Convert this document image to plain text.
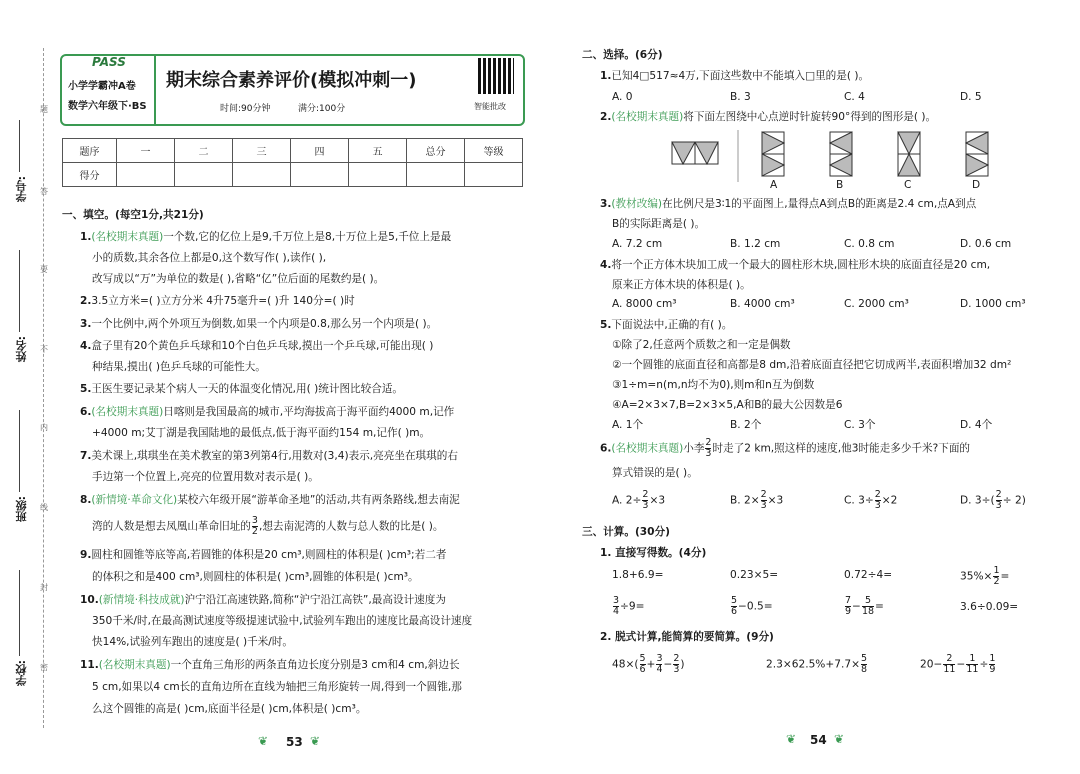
学号:
姓名:
班级:
学校:
题
答
要
不
内
线
封
密
PASS
小学学霸冲A卷
数学六年级下·BS
期末综合素养评价(模拟冲刺一)
时间:90分钟	满分:100分	智能批改
题序	一	二	三	四	五	总分	等级
得分							
一、填空。(每空1分,共21分)
1.(名校期末真题)一个数,它的亿位上是9,千万位上是8,十万位上是5,千位上是最
小的质数,其余各位上都是0,这个数写作( ),读作( ),
改写成以“万”为单位的数是( ),省略“亿”位后面的尾数约是( )。
2.3.5立方米=( )立方分米 4升75毫升=( )升 140分=( )时
3.一个比例中,两个外项互为倒数,如果一个内项是0.8,那么另一个内项是( )。
4.盒子里有20个黄色乒乓球和10个白色乒乓球,摸出一个乒乓球,可能出现( )
种结果,摸出( )色乒乓球的可能性大。
5.王医生要记录某个病人一天的体温变化情况,用( )统计图比较合适。
6.(名校期末真题)日喀则是我国最高的城市,平均海拔高于海平面约4000 m,记作
+4000 m;艾丁湖是我国陆地的最低点,低于海平面约154 m,记作( )m。
7.美术课上,琪琪坐在美术教室的第3列第4行,用数对(3,4)表示,亮亮坐在琪琪的右
手边第一个位置上,亮亮的位置用数对表示是( )。
8.(新情境·革命文化)某校六年级开展“游革命圣地”的活动,共有两条路线,想去南泥
湾的人数是想去凤凰山革命旧址的 $\frac{3}{2}$ ,想去南泥湾的人数与总人数的比是( )。
9.圆柱和圆锥等底等高,若圆锥的体积是20 cm³,则圆柱的体积是( )cm³;若二者
的体积之和是400 cm³,则圆柱的体积是( )cm³,圆锥的体积是( )cm³。
10.(新情境·科技成就)沪宁沿江高速铁路,简称“沪宁沿江高铁”,最高设计速度为
350千米/时,在最高测试速度等级提速试验中,试验列车跑出的速度比最高设计速度
快14%,试验列车跑出的速度是( )千米/时。
11.(名校期末真题)一个直角三角形的两条直角边长度分别是3 cm和4 cm,斜边长
5 cm,如果以4 cm长的直角边所在直线为轴把三角形旋转一周,得到一个圆锥,那
么这个圆锥的高是( )cm,底面半径是( )cm,体积是( )cm³。
❦ 53 ❦
二、选择。(6分)
1.已知4□517≈4万,下面这些数中不能填入□里的是( )。
A. 0	B. 3	C. 4	D. 5
2.(名校期末真题)将下面左图绕中心点逆时针旋转90°得到的图形是( )。
A	B	C	D
3.(教材改编)在比例尺是3∶1的平面图上,量得点A到点B的距离是2.4 cm,点A到点
B的实际距离是( )。
A. 7.2 cm	B. 1.2 cm	C. 0.8 cm	D. 0.6 cm
4.将一个正方体木块加工成一个最大的圆柱形木块,圆柱形木块的底面直径是20 cm,
原来正方体木块的体积是( )。
A. 8000 cm³	B. 4000 cm³	C. 2000 cm³	D. 1000 cm³
5.下面说法中,正确的有( )。
①除了2,任意两个质数之和一定是偶数
②一个圆锥的底面直径和高都是8 dm,沿着底面直径把它切成两半,表面积增加32 dm²
③1÷m=n(m,n均不为0),则m和n互为倒数
④A=2×3×7,B=2×3×5,A和B的最大公因数是6
A. 1个	B. 2个	C. 3个	D. 4个
6.(名校期末真题)小李 $\frac{2}{3}$ 时走了2 km,照这样的速度,他3时能走多少千米?下面的
算式错误的是( )。
A. $2\div \frac{2}{3} \times 3$	B. $2\times \frac{2}{3} \times 3$	C. $3\div \frac{2}{3} \times 2$	D. $3\div( \frac{2}{3} \div 2)$
三、计算。(30分)
1. 直接写得数。(4分)
1.8+6.9=	0.23×5=	0.72÷4=	$35\%\times \frac{1}{2}$ =
$\frac{3}{4} \div 9=$	$\frac{5}{6} -0.5=$	$\frac{7}{9} - \frac{5}{18}$ =	3.6÷0.09=
2. 脱式计算,能简算的要简算。(9分)
$48\times( \frac{5}{6} + \frac{3}{4} - \frac{2}{3}$ )	$2.3\times 62.5\%+7.7\times \frac{5}{8}$	$20- \frac{2}{11} - \frac{1}{11} \div \frac{1}{9}$
❦ 54 ❦
